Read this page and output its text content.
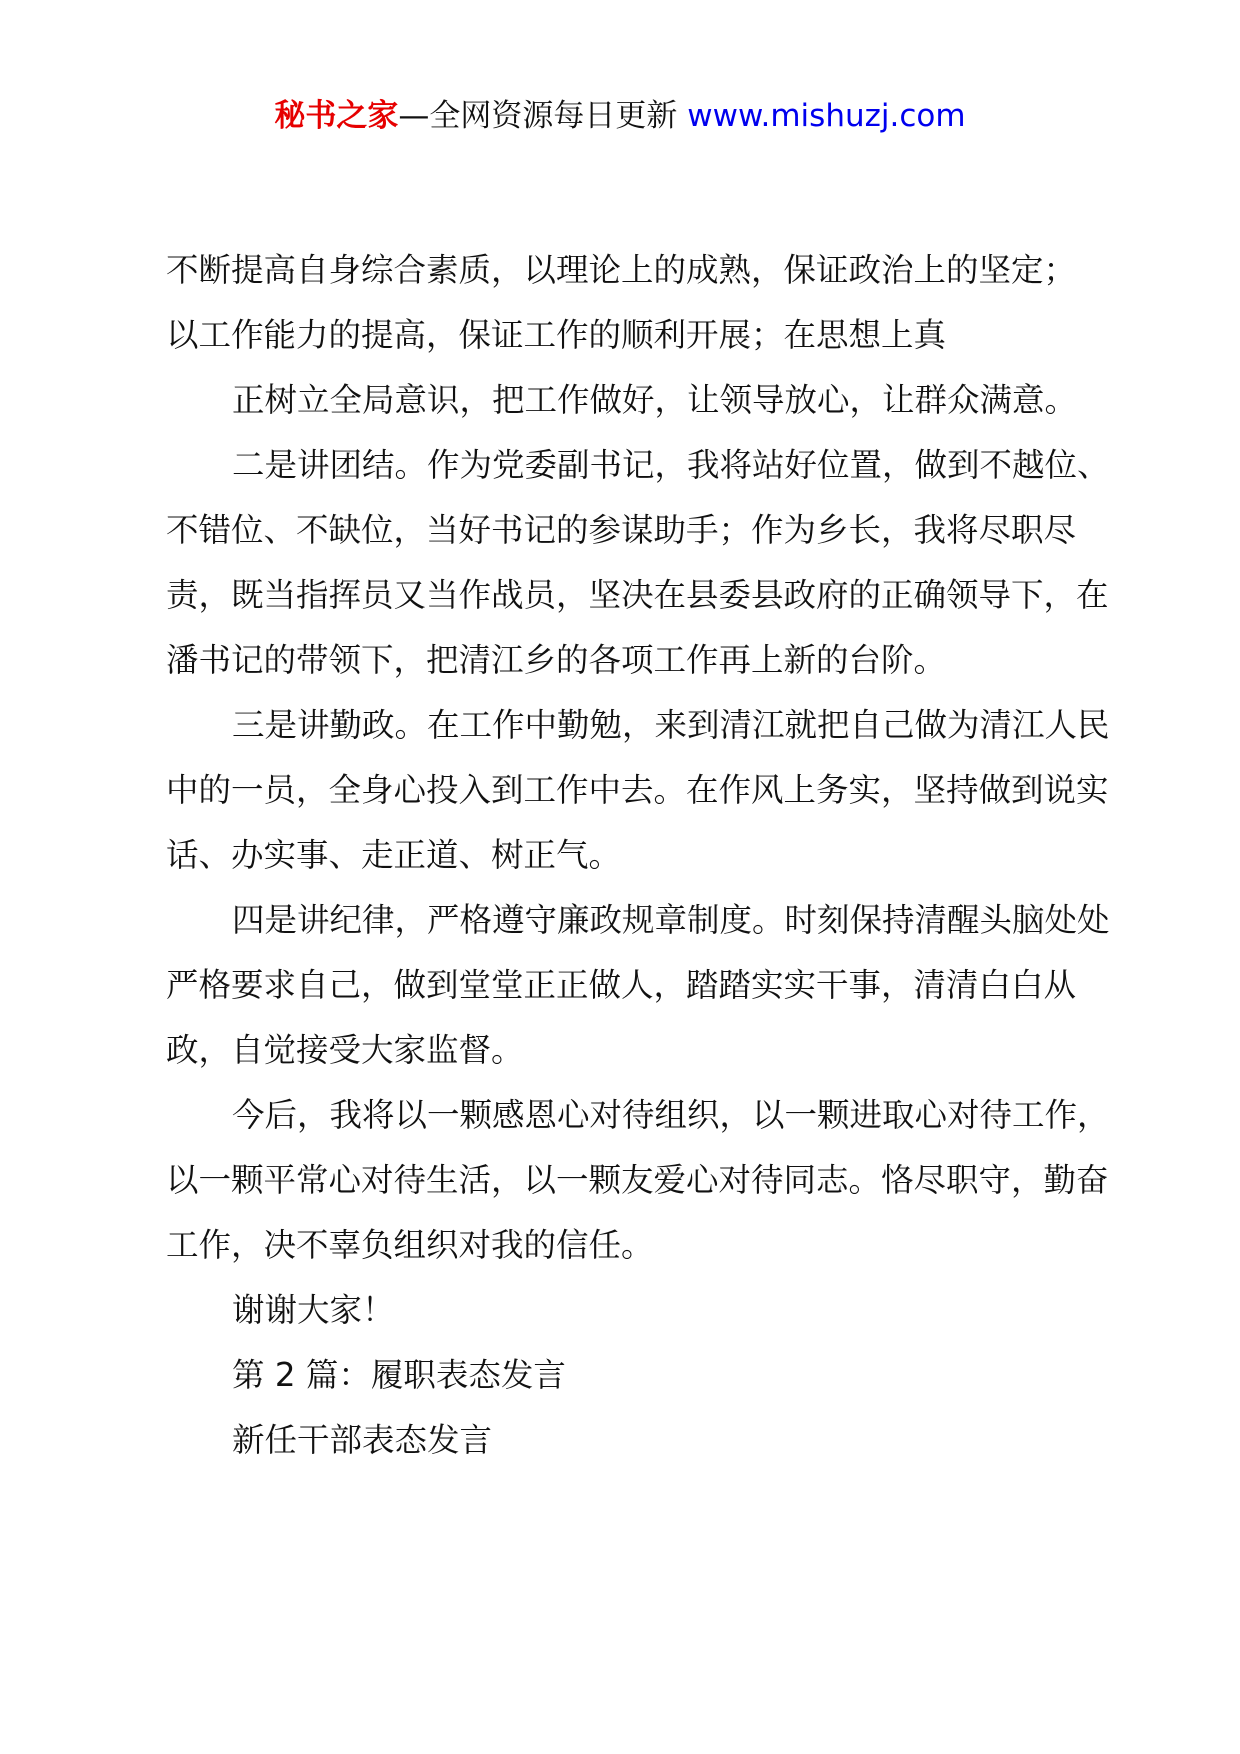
秘书之家—全网资源每日更新 www.mishuzj.com

不断提高自身综合素质，以理论上的成熟，保证政治上的坚定；

以工作能力的提高，保证工作的顺利开展；在思想上真

正树立全局意识，把工作做好，让领导放心，让群众满意。

二是讲团结。作为党委副书记，我将站好位置，做到不越位、不错位、不缺位，当好书记的参谋助手；作为乡长，我将尽职尽责，既当指挥员又当作战员，坚决在县委县政府的正确领导下，在潘书记的带领下，把清江乡的各项工作再上新的台阶。

三是讲勤政。在工作中勤勉，来到清江就把自己做为清江人民中的一员，全身心投入到工作中去。在作风上务实，坚持做到说实话、办实事、走正道、树正气。

四是讲纪律，严格遵守廉政规章制度。时刻保持清醒头脑处处严格要求自己，做到堂堂正正做人，踏踏实实干事，清清白白从政，自觉接受大家监督。

今后，我将以一颗感恩心对待组织，以一颗进取心对待工作，以一颗平常心对待生活，以一颗友爱心对待同志。恪尽职守，勤奋工作，决不辜负组织对我的信任。

谢谢大家！

第 2 篇：履职表态发言

新任干部表态发言
